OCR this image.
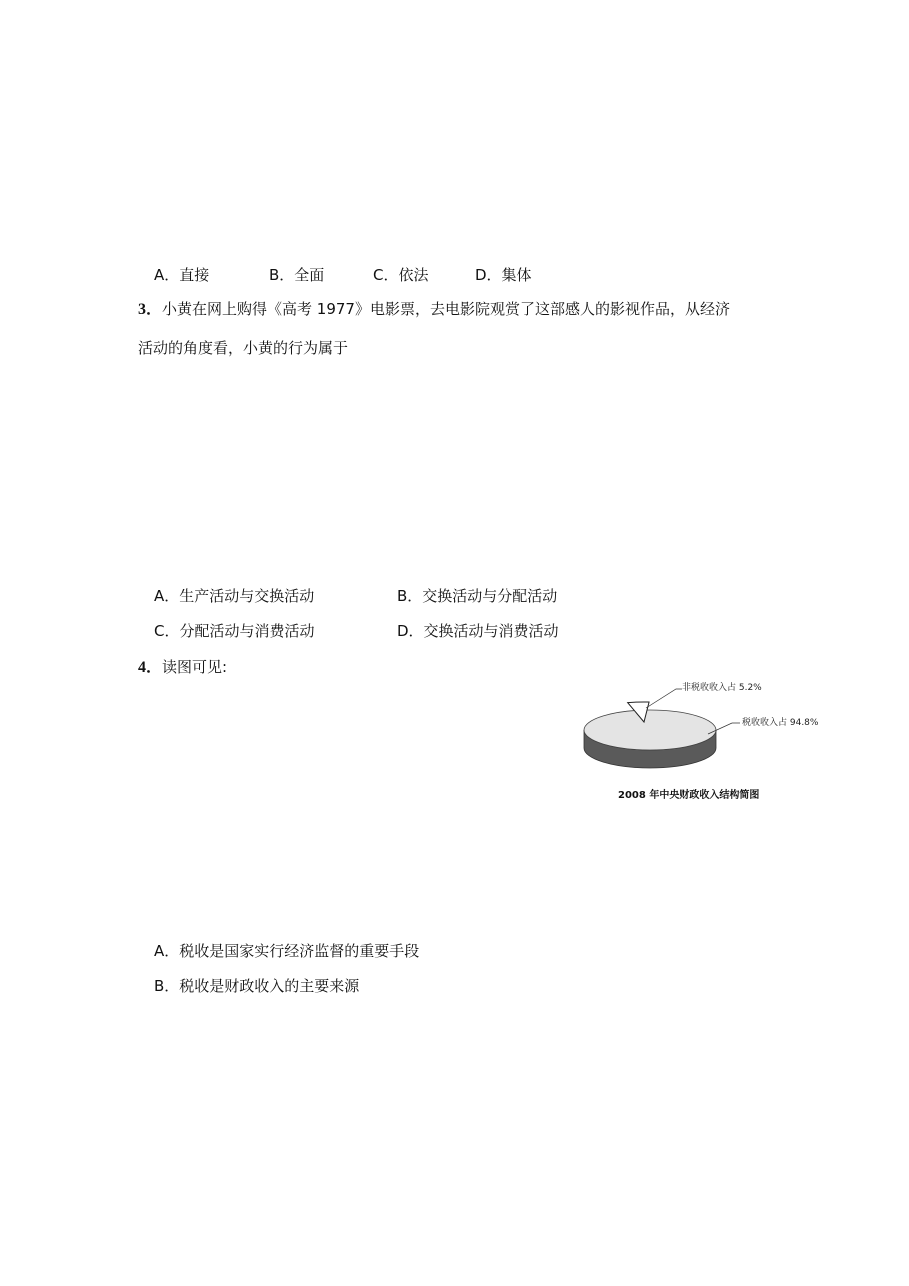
A．直接	B．全面	C．依法	D．集体
3．小黄在网上购得《高考 1977》电影票，去电影院观赏了这部感人的影视作品，从经济
活动的角度看，小黄的行为属于
A．生产活动与交换活动	B．交换活动与分配活动
C．分配活动与消费活动	D．交换活动与消费活动
4．读图可见:
非税收收入占 5.2%
税收收入占 94.8%
2008 年中央财政收入结构简图
A．税收是国家实行经济监督的重要手段
B．税收是财政收入的主要来源
